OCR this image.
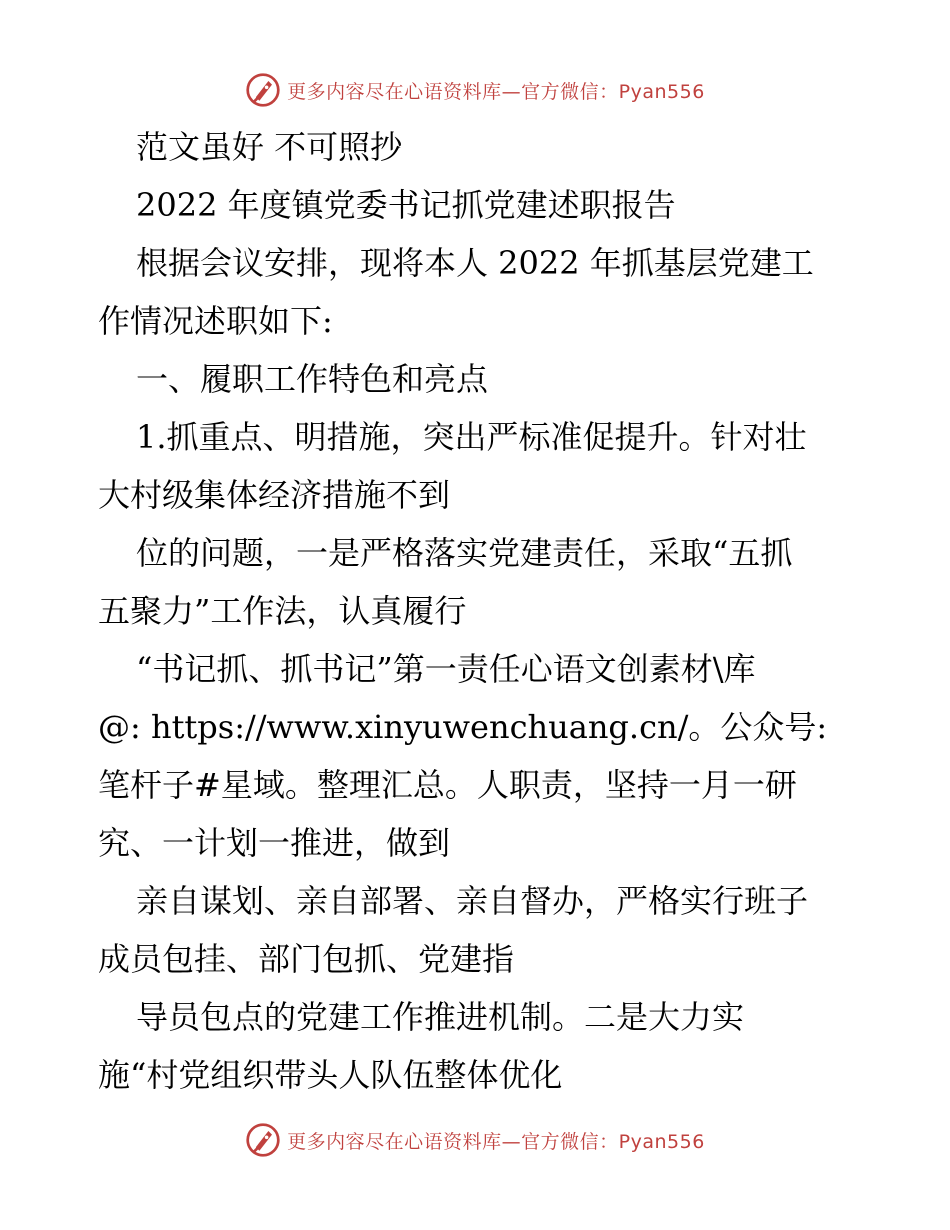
更多内容尽在心语资料库—官方微信：Pyan556
范文虽好 不可照抄
2022 年度镇党委书记抓党建述职报告
根据会议安排，现将本人 2022 年抓基层党建工
作情况述职如下:
一、履职工作特色和亮点
1.抓重点、明措施，突出严标准促提升。针对壮
大村级集体经济措施不到
位的问题，一是严格落实党建责任，采取“五抓
五聚力”工作法，认真履行
“书记抓、抓书记”第一责任心语文创素材\库
@: https://www.xinyuwenchuang.cn/。公众号:
笔杆子#星域。整理汇总。人职责，坚持一月一研
究、一计划一推进，做到
亲自谋划、亲自部署、亲自督办，严格实行班子
成员包挂、部门包抓、党建指
导员包点的党建工作推进机制。二是大力实
施“村党组织带头人队伍整体优化
更多内容尽在心语资料库—官方微信：Pyan556
